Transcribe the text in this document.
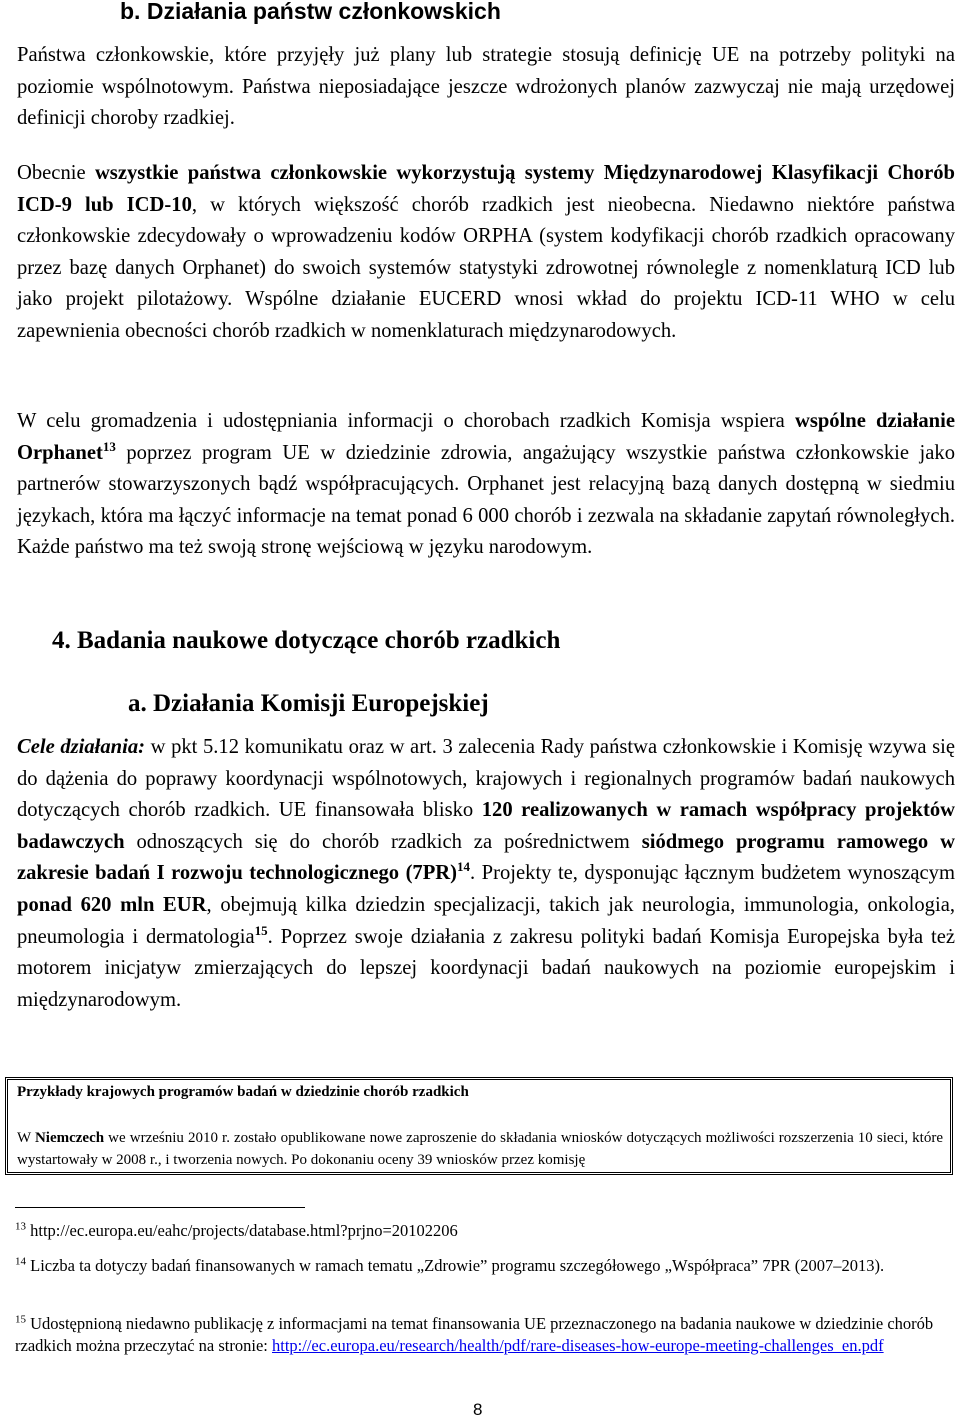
b. Działania państw członkowskich

Państwa członkowskie, które przyjęły już plany lub strategie stosują definicję UE na potrzeby polityki na poziomie wspólnotowym. Państwa nieposiadające jeszcze wdrożonych planów zazwyczaj nie mają urzędowej definicji choroby rzadkiej.

Obecnie wszystkie państwa członkowskie wykorzystują systemy Międzynarodowej Klasyfikacji Chorób ICD-9 lub ICD-10, w których większość chorób rzadkich jest nieobecna. Niedawno niektóre państwa członkowskie zdecydowały o wprowadzeniu kodów ORPHA (system kodyfikacji chorób rzadkich opracowany przez bazę danych Orphanet) do swoich systemów statystyki zdrowotnej równolegle z nomenklaturą ICD lub jako projekt pilotażowy. Wspólne działanie EUCERD wnosi wkład do projektu ICD-11 WHO w celu zapewnienia obecności chorób rzadkich w nomenklaturach międzynarodowych.

W celu gromadzenia i udostępniania informacji o chorobach rzadkich Komisja wspiera wspólne działanie Orphanet$^{13}$ poprzez program UE w dziedzinie zdrowia, angażujący wszystkie państwa członkowskie jako partnerów stowarzyszonych bądź współpracujących. Orphanet jest relacyjną bazą danych dostępną w siedmiu językach, która ma łączyć informacje na temat ponad 6 000 chorób i zezwala na składanie zapytań równoległych. Każde państwo ma też swoją stronę wejściową w języku narodowym.

4. Badania naukowe dotyczące chorób rzadkich
a. Działania Komisji Europejskiej

Cele działania: w pkt 5.12 komunikatu oraz w art. 3 zalecenia Rady państwa członkowskie i Komisję wzywa się do dążenia do poprawy koordynacji wspólnotowych, krajowych i regionalnych programów badań naukowych dotyczących chorób rzadkich. UE finansowała blisko 120 realizowanych w ramach współpracy projektów badawczych odnoszących się do chorób rzadkich za pośrednictwem siódmego programu ramowego w zakresie badań I rozwoju technologicznego $(7PR)^{14}$. Projekty te, dysponując łącznym budżetem wynoszącym ponad 620 mln EUR, obejmują kilka dziedzin specjalizacji, takich jak neurologia, immunologia, onkologia, pneumologia i dermatologia$^{15}$. Poprzez swoje działania z zakresu polityki badań Komisja Europejska była też motorem inicjatyw zmierzających do lepszej koordynacji badań naukowych na poziomie europejskim i międzynarodowym.

Przykłady krajowych programów badań w dziedzinie chorób rzadkich
W Niemczech we wrześniu 2010 r. zostało opublikowane nowe zaproszenie do składania wniosków dotyczących możliwości rozszerzenia 10 sieci, które wystartowały w 2008 r., i tworzenia nowych. Po dokonaniu oceny 39 wniosków przez komisję

$^{13}$ http://ec.europa.eu/eahc/projects/database.html?prjno=20102206

$^{14}$ Liczba ta dotyczy badań finansowanych w ramach tematu „Zdrowie” programu szczegółowego „Współpraca” 7PR (2007–2013).

$^{15}$ Udostępnioną niedawno publikację z informacjami na temat finansowania UE przeznaczonego na badania naukowe w dziedzinie chorób rzadkich można przeczytać na stronie: http://ec.europa.eu/research/health/pdf/rare-diseases-how-europe-meeting-challenges_en.pdf

8
